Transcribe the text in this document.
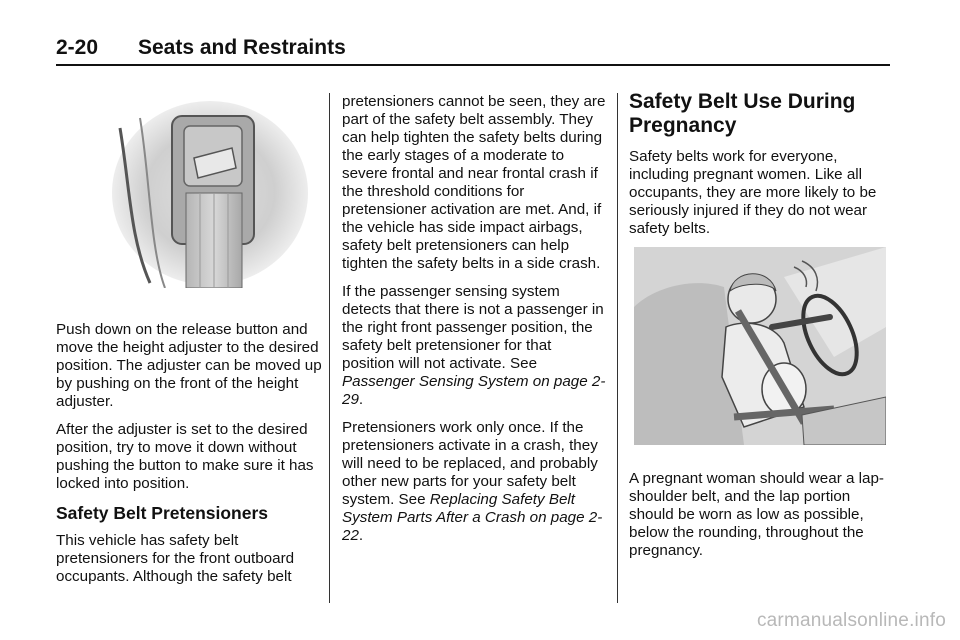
2-20 Seats and Restraints

Push down on the release button and move the height adjuster to the desired position. The adjuster can be moved up by pushing on the front of the height adjuster.

After the adjuster is set to the desired position, try to move it down without pushing the button to make sure it has locked into position.

Safety Belt Pretensioners

This vehicle has safety belt pretensioners for the front outboard occupants. Although the safety belt

pretensioners cannot be seen, they are part of the safety belt assembly. They can help tighten the safety belts during the early stages of a moderate to severe frontal and near frontal crash if the threshold conditions for pretensioner activation are met. And, if the vehicle has side impact airbags, safety belt pretensioners can help tighten the safety belts in a side crash.

If the passenger sensing system detects that there is not a passenger in the right front passenger position, the safety belt pretensioner for that position will not activate. See Passenger Sensing System on page 2-29.

Pretensioners work only once. If the pretensioners activate in a crash, they will need to be replaced, and probably other new parts for your safety belt system. See Replacing Safety Belt System Parts After a Crash on page 2-22.

Safety Belt Use During Pregnancy

Safety belts work for everyone, including pregnant women. Like all occupants, they are more likely to be seriously injured if they do not wear safety belts.

A pregnant woman should wear a lap-shoulder belt, and the lap portion should be worn as low as possible, below the rounding, throughout the pregnancy.

carmanualsonline.info
